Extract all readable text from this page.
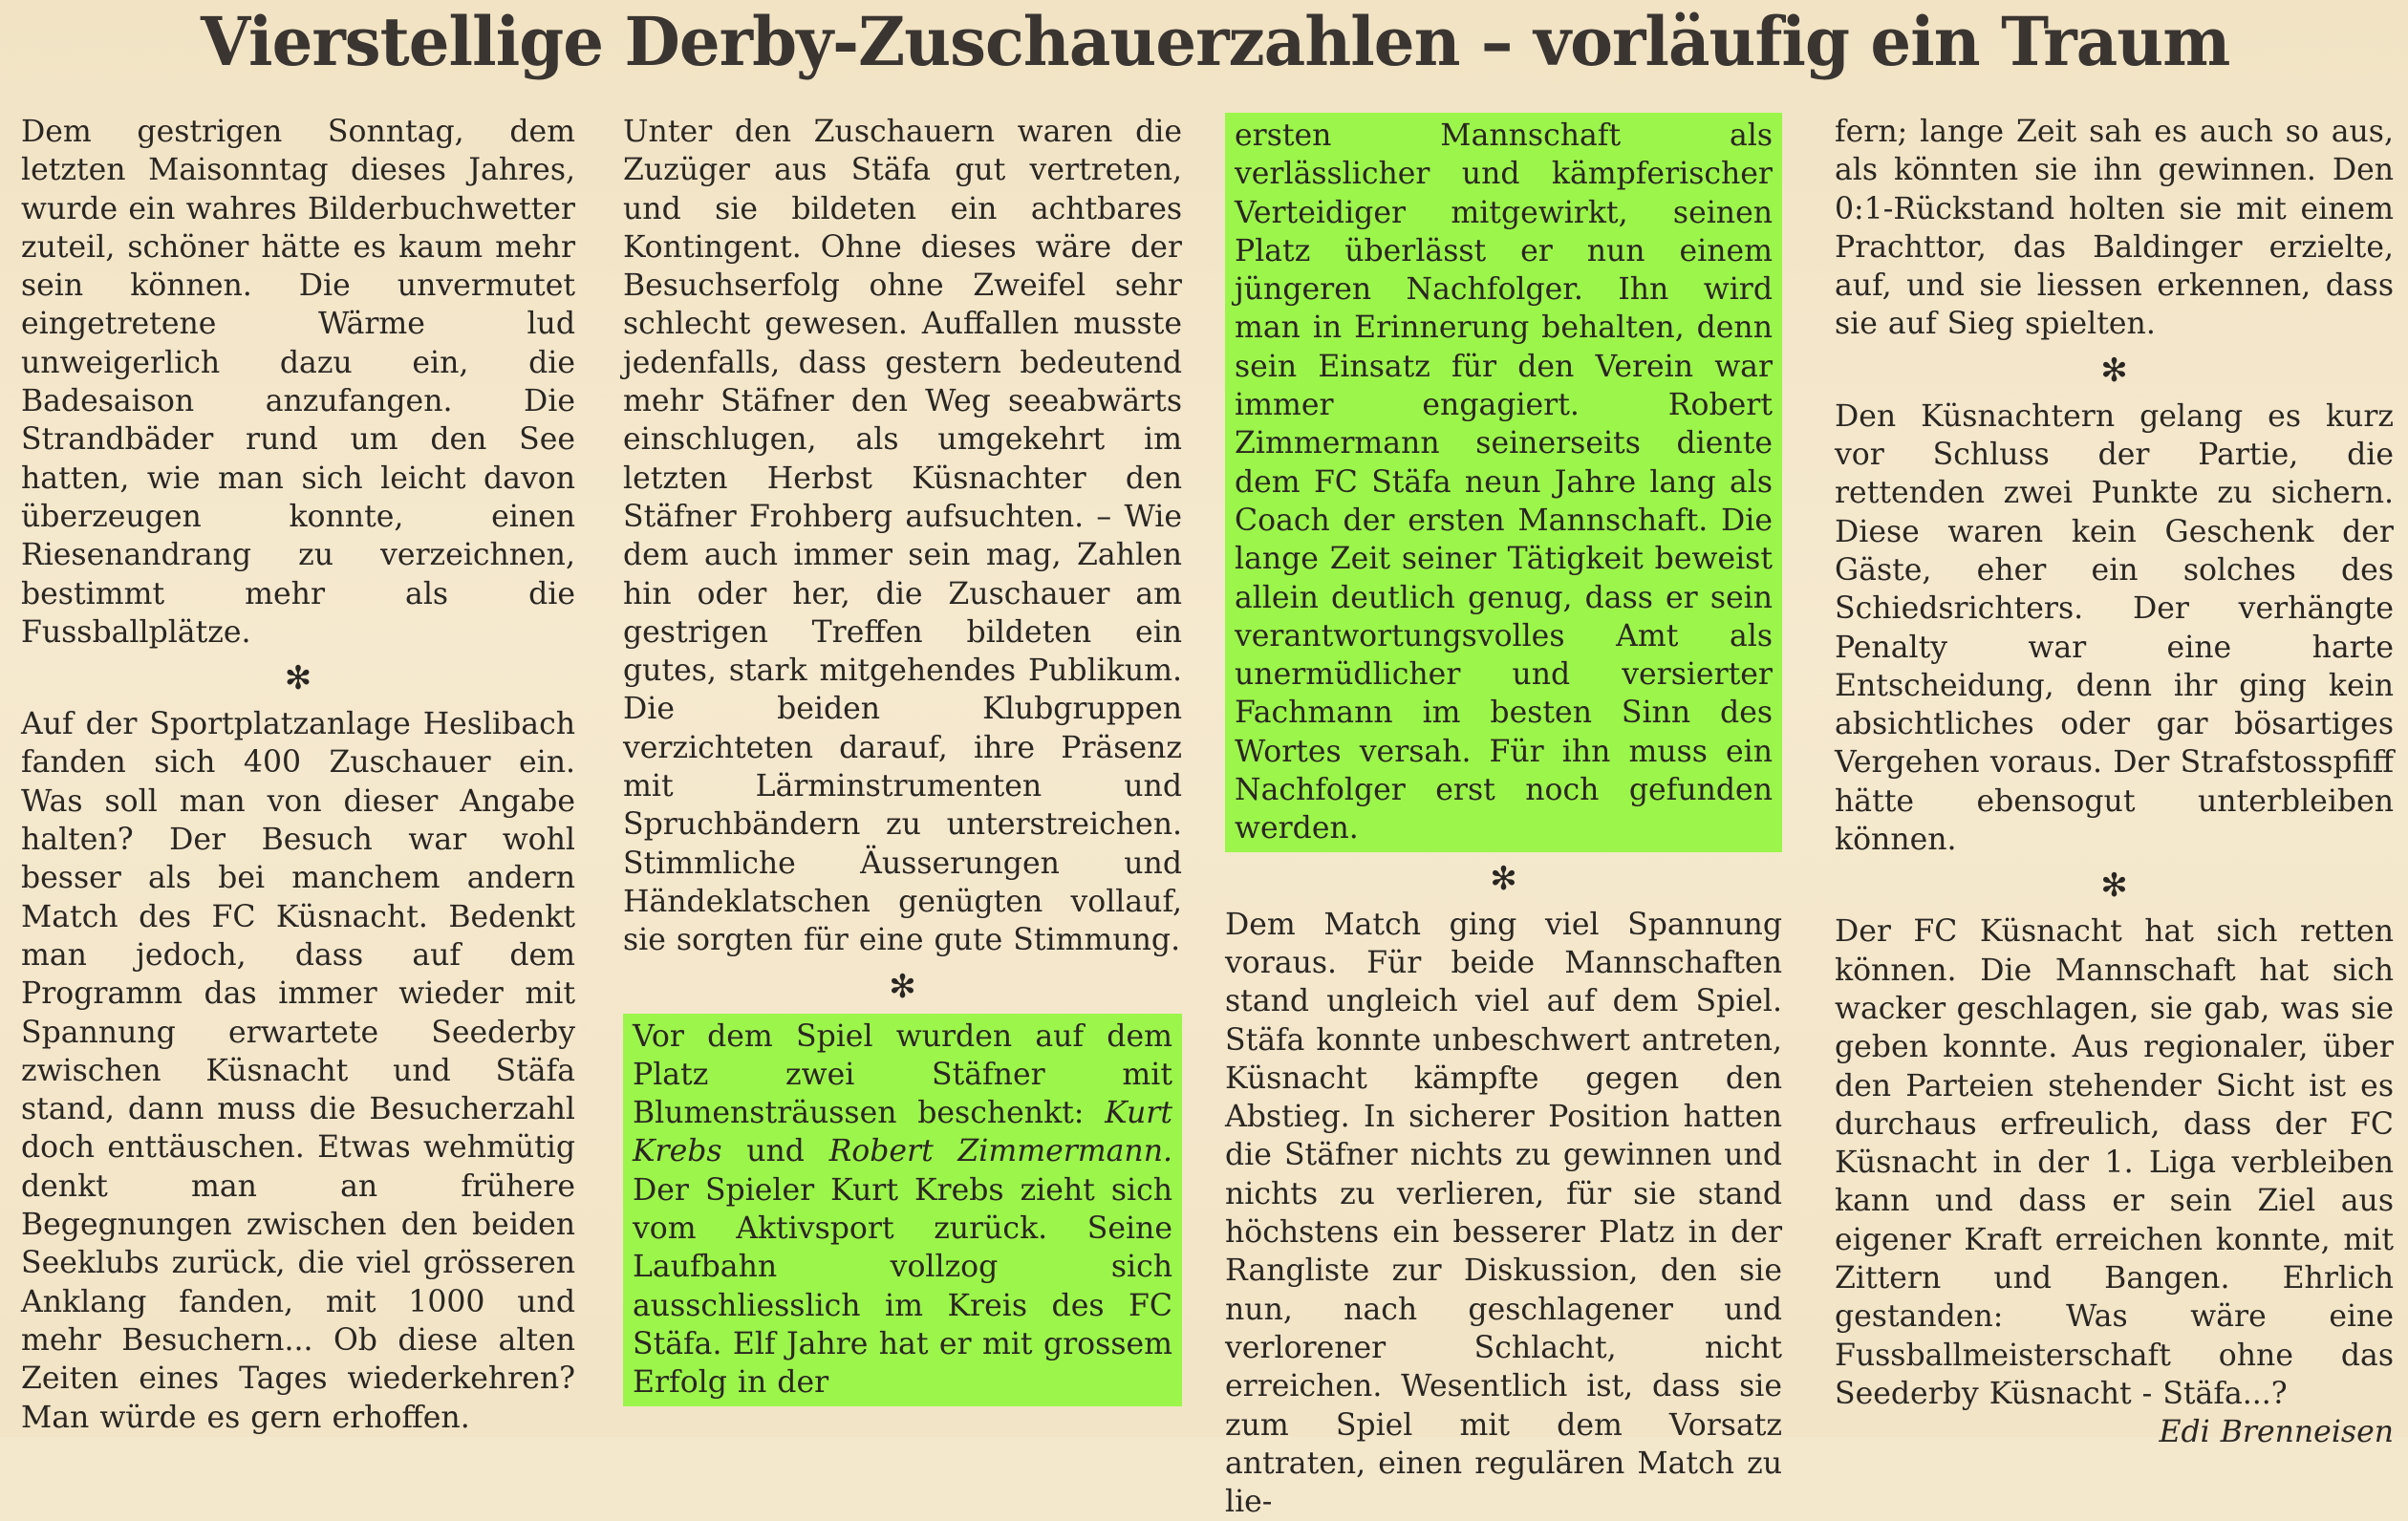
Vierstellige Derby-Zuschauerzahlen – vorläufig ein Traum

Dem gestrigen Sonntag, dem letzten Maisonntag dieses Jahres, wurde ein wahres Bilderbuchwetter zuteil, schöner hätte es kaum mehr sein können. Die unvermutet eingetretene Wärme lud unweigerlich dazu ein, die Badesaison anzufangen. Die Strandbäder rund um den See hatten, wie man sich leicht davon überzeugen konnte, einen Riesenandrang zu verzeichnen, bestimmt mehr als die Fussballplätze.

✻

Auf der Sportplatzanlage Heslibach fanden sich 400 Zuschauer ein. Was soll man von dieser Angabe halten? Der Besuch war wohl besser als bei manchem andern Match des FC Küsnacht. Bedenkt man jedoch, dass auf dem Programm das immer wieder mit Spannung erwartete Seederby zwischen Küsnacht und Stäfa stand, dann muss die Besucherzahl doch enttäuschen. Etwas wehmütig denkt man an frühere Begegnungen zwischen den beiden Seeklubs zurück, die viel grösseren Anklang fanden, mit 1000 und mehr Besuchern... Ob diese alten Zeiten eines Tages wiederkehren? Man würde es gern erhoffen.

Unter den Zuschauern waren die Zuzüger aus Stäfa gut vertreten, und sie bildeten ein achtbares Kontingent. Ohne dieses wäre der Besuchserfolg ohne Zweifel sehr schlecht gewesen. Auffallen musste jedenfalls, dass gestern bedeutend mehr Stäfner den Weg seeabwärts einschlugen, als umgekehrt im letzten Herbst Küsnachter den Stäfner Frohberg aufsuchten. – Wie dem auch immer sein mag, Zahlen hin oder her, die Zuschauer am gestrigen Treffen bildeten ein gutes, stark mitgehendes Publikum. Die beiden Klubgruppen verzichteten darauf, ihre Präsenz mit Lärminstrumenten und Spruchbändern zu unterstreichen. Stimmliche Äusserungen und Händeklatschen genügten vollauf, sie sorgten für eine gute Stimmung.

✻

Vor dem Spiel wurden auf dem Platz zwei Stäfner mit Blumensträussen beschenkt: Kurt Krebs und Robert Zimmermann. Der Spieler Kurt Krebs zieht sich vom Aktivsport zurück. Seine Laufbahn vollzog sich ausschliesslich im Kreis des FC Stäfa. Elf Jahre hat er mit grossem Erfolg in der

ersten Mannschaft als verlässlicher und kämpferischer Verteidiger mitgewirkt, seinen Platz überlässt er nun einem jüngeren Nachfolger. Ihn wird man in Erinnerung behalten, denn sein Einsatz für den Verein war immer engagiert. Robert Zimmermann seinerseits diente dem FC Stäfa neun Jahre lang als Coach der ersten Mannschaft. Die lange Zeit seiner Tätigkeit beweist allein deutlich genug, dass er sein verantwortungsvolles Amt als unermüdlicher und versierter Fachmann im besten Sinn des Wortes versah. Für ihn muss ein Nachfolger erst noch gefunden werden.

✻

Dem Match ging viel Spannung voraus. Für beide Mannschaften stand ungleich viel auf dem Spiel. Stäfa konnte unbeschwert antreten, Küsnacht kämpfte gegen den Abstieg. In sicherer Position hatten die Stäfner nichts zu gewinnen und nichts zu verlieren, für sie stand höchstens ein besserer Platz in der Rangliste zur Diskussion, den sie nun, nach geschlagener und verlorener Schlacht, nicht erreichen. Wesentlich ist, dass sie zum Spiel mit dem Vorsatz antraten, einen regulären Match zu lie-

fern; lange Zeit sah es auch so aus, als könnten sie ihn gewinnen. Den 0:1-Rückstand holten sie mit einem Prachttor, das Baldinger erzielte, auf, und sie liessen erkennen, dass sie auf Sieg spielten.

✻

Den Küsnachtern gelang es kurz vor Schluss der Partie, die rettenden zwei Punkte zu sichern. Diese waren kein Geschenk der Gäste, eher ein solches des Schiedsrichters. Der verhängte Penalty war eine harte Entscheidung, denn ihr ging kein absichtliches oder gar bösartiges Vergehen voraus. Der Strafstosspfiff hätte ebensogut unterbleiben können.

✻

Der FC Küsnacht hat sich retten können. Die Mannschaft hat sich wacker geschlagen, sie gab, was sie geben konnte. Aus regionaler, über den Parteien stehender Sicht ist es durchaus erfreulich, dass der FC Küsnacht in der 1. Liga verbleiben kann und dass er sein Ziel aus eigener Kraft erreichen konnte, mit Zittern und Bangen. Ehrlich gestanden: Was wäre eine Fussballmeisterschaft ohne das Seederby Küsnacht - Stäfa...?

Edi Brenneisen
